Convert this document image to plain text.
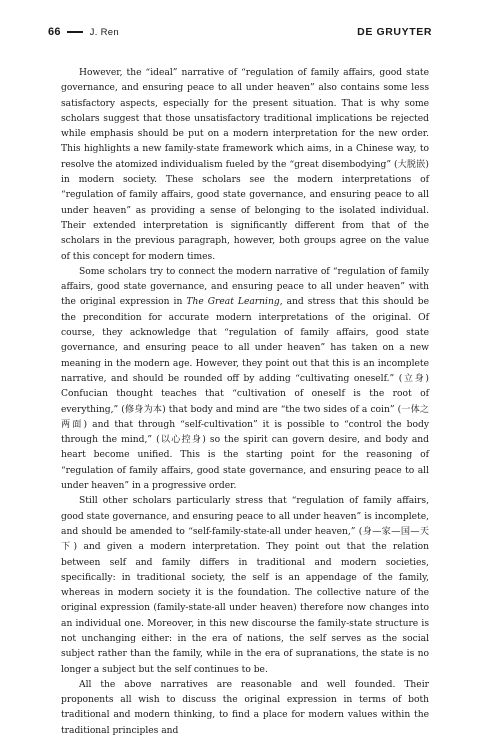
66	J. Ren	DE GRUYTER

However, the “ideal” narrative of “regulation of family affairs, good state governance, and ensuring peace to all under heaven” also contains some less satisfactory aspects, especially for the present situation. That is why some scholars suggest that those unsatisfactory traditional implications be rejected while emphasis should be put on a modern interpretation for the new order. This highlights a new family-state framework which aims, in a Chinese way, to resolve the atomized individualism fueled by the “great disembodying” (大脱嵌) in modern society. These scholars see the modern interpretations of “regulation of family affairs, good state governance, and ensuring peace to all under heaven” as providing a sense of belonging to the isolated individual. Their extended interpretation is significantly different from that of the scholars in the previous paragraph, however, both groups agree on the value of this concept for modern times.

Some scholars try to connect the modern narrative of “regulation of family affairs, good state governance, and ensuring peace to all under heaven” with the original expression in The Great Learning, and stress that this should be the precondition for accurate modern interpretations of the original. Of course, they acknowledge that “regulation of family affairs, good state governance, and ensuring peace to all under heaven” has taken on a new meaning in the modern age. However, they point out that this is an incomplete narrative, and should be rounded off by adding “cultivating oneself.” (立身) Confucian thought teaches that “cultivation of oneself is the root of everything,” (修身为本) that body and mind are “the two sides of a coin” (一体之两面) and that through “self-cultivation” it is possible to “control the body through the mind,” (以心控身) so the spirit can govern desire, and body and heart become unified. This is the starting point for the reasoning of “regulation of family affairs, good state governance, and ensuring peace to all under heaven” in a progressive order.

Still other scholars particularly stress that “regulation of family affairs, good state governance, and ensuring peace to all under heaven” is incomplete, and should be amended to “self-family-state-all under heaven,” (身—家—国—天下) and given a modern interpretation. They point out that the relation between self and family differs in traditional and modern societies, specifically: in traditional society, the self is an appendage of the family, whereas in modern society it is the foundation. The collective nature of the original expression (family-state-all under heaven) therefore now changes into an individual one. Moreover, in this new discourse the family-state structure is not unchanging either: in the era of nations, the self serves as the social subject rather than the family, while in the era of supranations, the state is no longer a subject but the self continues to be.

All the above narratives are reasonable and well founded. Their proponents all wish to discuss the original expression in terms of both traditional and modern thinking, to find a place for modern values within the traditional principles and
